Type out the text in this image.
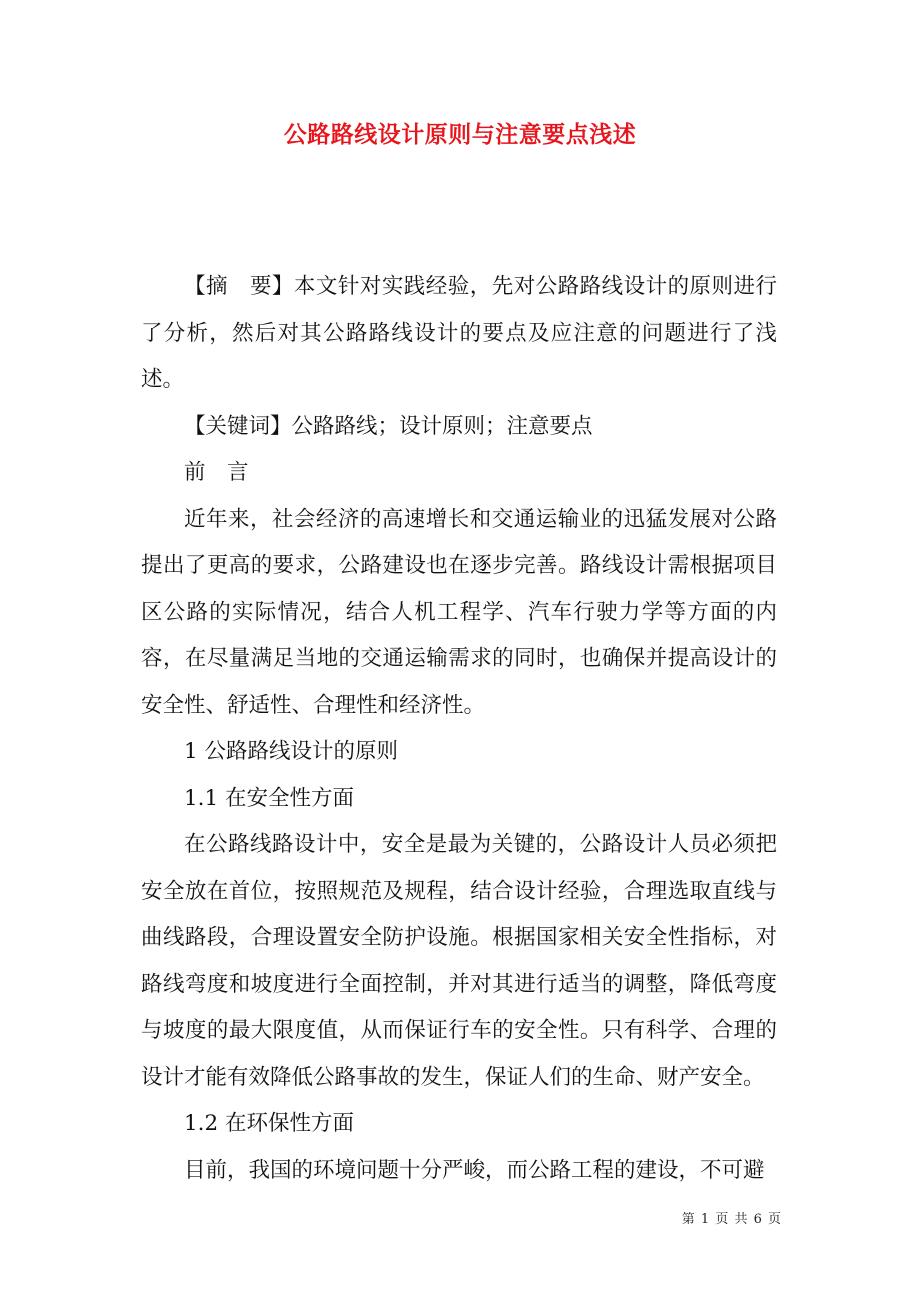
公路路线设计原则与注意要点浅述

【摘　要】本文针对实践经验，先对公路路线设计的原则进行了分析，然后对其公路路线设计的要点及应注意的问题进行了浅述。

【关键词】公路路线；设计原则；注意要点

前　言

近年来，社会经济的高速增长和交通运输业的迅猛发展对公路提出了更高的要求，公路建设也在逐步完善。路线设计需根据项目区公路的实际情况，结合人机工程学、汽车行驶力学等方面的内容，在尽量满足当地的交通运输需求的同时，也确保并提高设计的安全性、舒适性、合理性和经济性。

1 公路路线设计的原则

1.1 在安全性方面

在公路线路设计中，安全是最为关键的，公路设计人员必须把安全放在首位，按照规范及规程，结合设计经验，合理选取直线与曲线路段，合理设置安全防护设施。根据国家相关安全性指标，对路线弯度和坡度进行全面控制，并对其进行适当的调整，降低弯度与坡度的最大限度值，从而保证行车的安全性。只有科学、合理的设计才能有效降低公路事故的发生，保证人们的生命、财产安全。

1.2 在环保性方面

目前，我国的环境问题十分严峻，而公路工程的建设，不可避

第 1 页 共 6 页
